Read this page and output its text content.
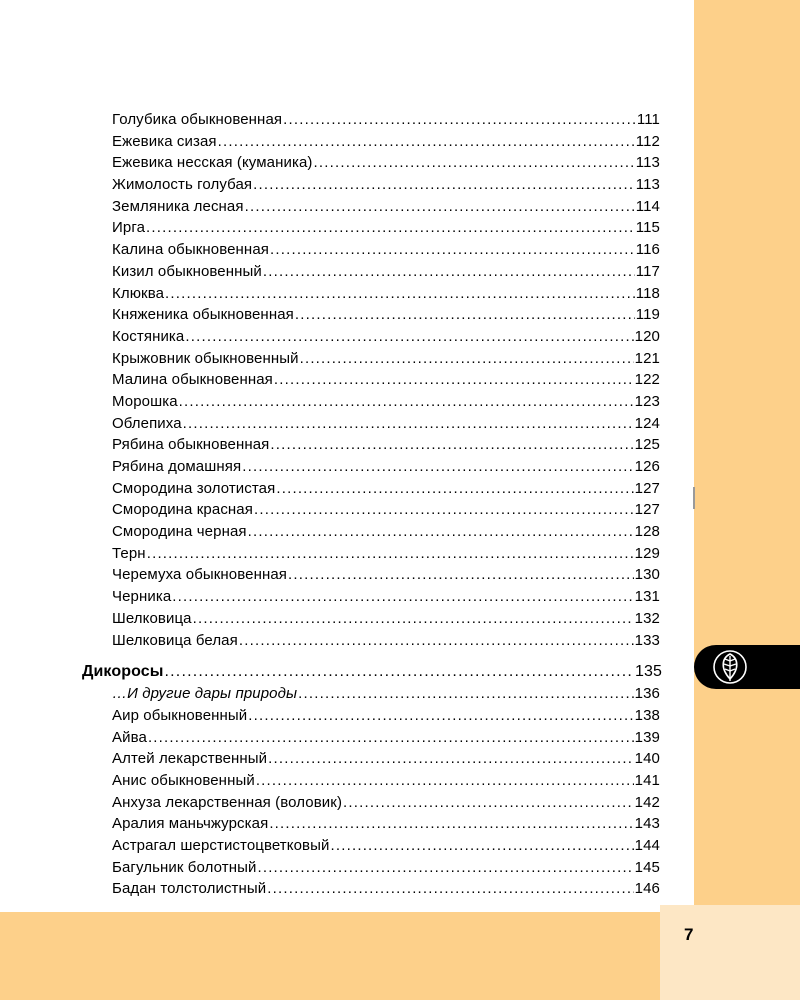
7
Голубика обыкновенная .....	111
Ежевика сизая .....	112
Ежевика несская (куманика) .....	113
Жимолость голубая .....	113
Земляника лесная .....	114
Ирга .....	115
Калина обыкновенная .....	116
Кизил обыкновенный .....	117
Клюква .....	118
Княженика обыкновенная .....	119
Костяника .....	120
Крыжовник обыкновенный .....	121
Малина обыкновенная .....	122
Морошка .....	123
Облепиха .....	124
Рябина обыкновенная .....	125
Рябина домашняя .....	126
Смородина золотистая .....	127
Смородина красная .....	127
Смородина черная .....	128
Терн .....	129
Черемуха обыкновенная .....	130
Черника .....	131
Шелковица .....	132
Шелковица белая .....	133
Дикоросы .....	135
…И другие дары природы .....	136
Аир обыкновенный .....	138
Айва .....	139
Алтей лекарственный .....	140
Анис обыкновенный .....	141
Анхуза лекарственная (воловик) .....	142
Аралия маньчжурская .....	143
Астрагал шерстистоцветковый .....	144
Багульник болотный .....	145
Бадан толстолистный .....	146
